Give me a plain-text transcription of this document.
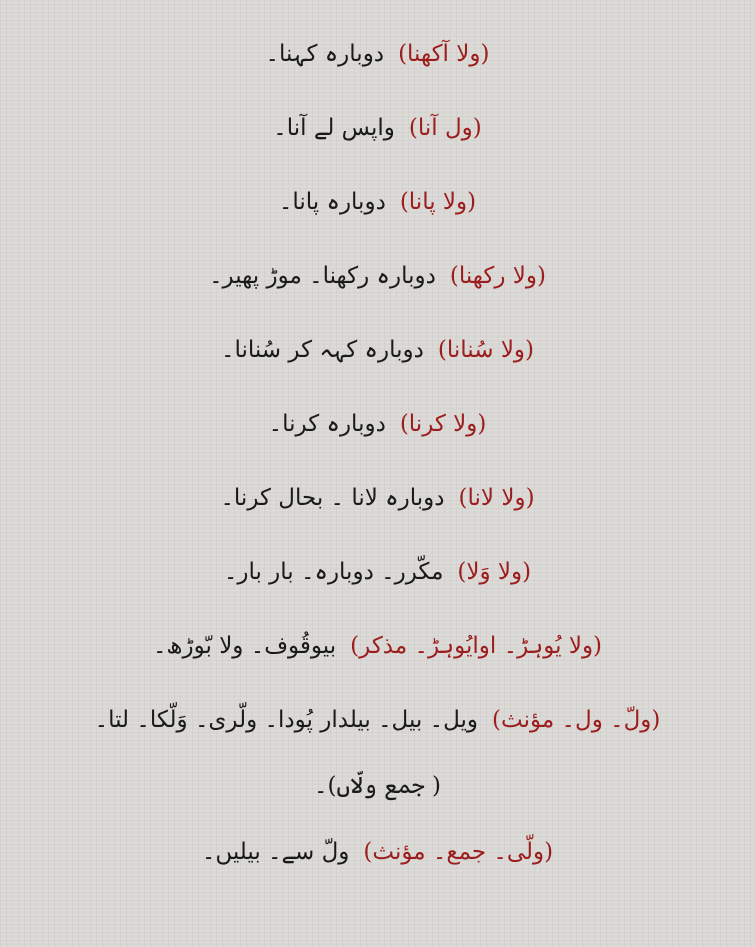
(ولا آکھنا)دوبارہ کہنا۔
(ول آنا)واپس لے آنا۔
(ولا پانا)دوبارہ پانا۔
(ولا رکھنا)دوبارہ رکھنا۔ موڑ پھیر۔
(ولا سُنانا)دوبارہ کہہ کر سُنانا۔
(ولا کرنا)دوبارہ کرنا۔
(ولا لانا)دوبارہ لانا ۔ بحال کرنا۔
(ولا وَلا)مکّرر۔ دوبارہ۔ بار بار۔
(ولا یُوہڑ۔ اوایُوہڑ۔ مذکر)بیوقُوف۔ ولا بّوڑھ۔
(ولّ۔ ول۔ مؤنث)ویل۔ بیل۔ بیلدار پُودا۔ ولّری۔ وَلّکا۔ لتا۔
( جمع ولّاں)۔
(ولّی۔ جمع۔ مؤنث)ولّ سے۔ بیلیں۔
